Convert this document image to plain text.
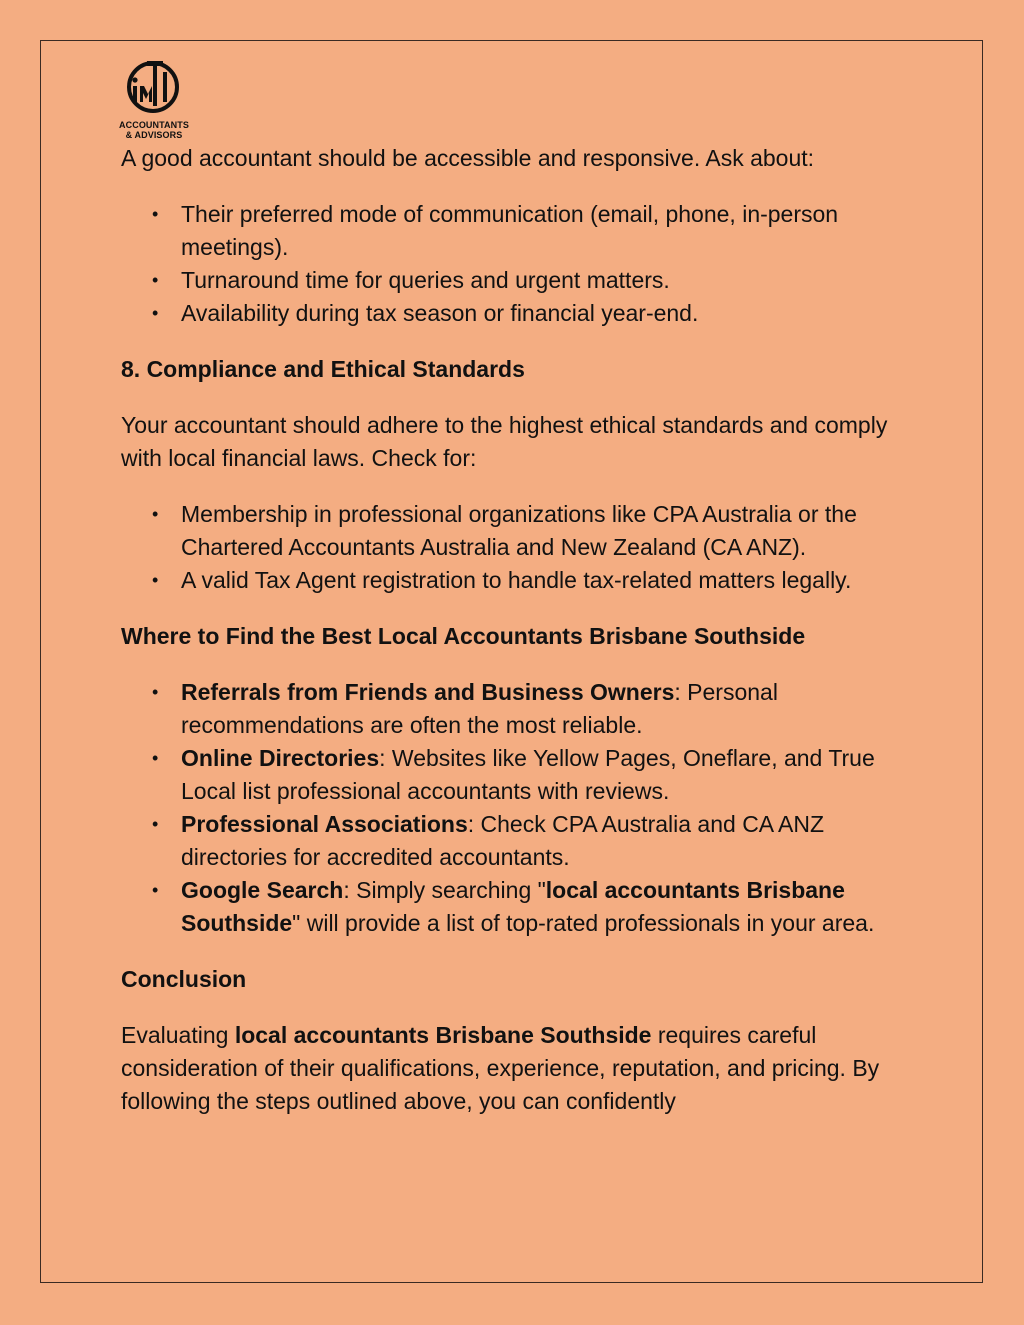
ACCOUNTANTS
& ADVISORS

A good accountant should be accessible and responsive. Ask about:

• Their preferred mode of communication (email, phone, in-person meetings).
• Turnaround time for queries and urgent matters.
• Availability during tax season or financial year-end.
8. Compliance and Ethical Standards

Your accountant should adhere to the highest ethical standards and comply with local financial laws. Check for:

• Membership in professional organizations like CPA Australia or the Chartered Accountants Australia and New Zealand (CA ANZ).
• A valid Tax Agent registration to handle tax-related matters legally.
Where to Find the Best Local Accountants Brisbane Southside
• Referrals from Friends and Business Owners: Personal recommendations are often the most reliable.
• Online Directories: Websites like Yellow Pages, Oneflare, and True Local list professional accountants with reviews.
• Professional Associations: Check CPA Australia and CA ANZ directories for accredited accountants.
• Google Search: Simply searching "local accountants Brisbane Southside" will provide a list of top-rated professionals in your area.
Conclusion

Evaluating local accountants Brisbane Southside requires careful consideration of their qualifications, experience, reputation, and pricing. By following the steps outlined above, you can confidently
